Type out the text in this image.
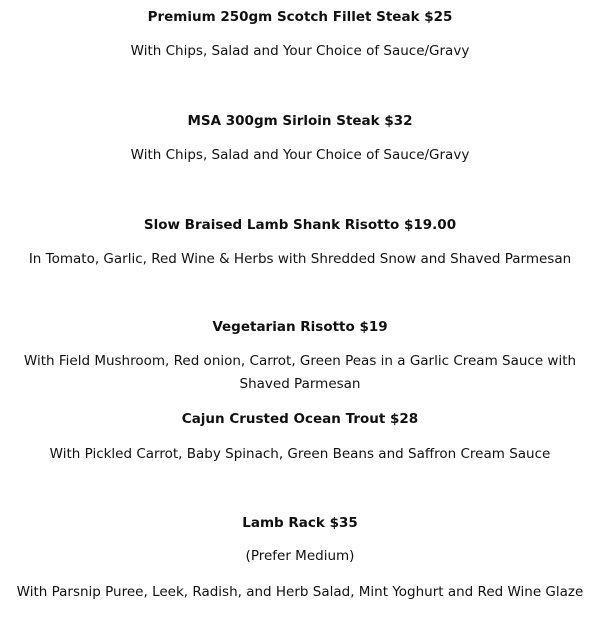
Premium 250gm Scotch Fillet Steak $25
With Chips, Salad and Your Choice of Sauce/Gravy
MSA 300gm Sirloin Steak $32
With Chips, Salad and Your Choice of Sauce/Gravy
Slow Braised Lamb Shank Risotto $19.00
In Tomato, Garlic, Red Wine & Herbs with Shredded Snow and Shaved Parmesan
Vegetarian Risotto $19
With Field Mushroom, Red onion, Carrot, Green Peas in a Garlic Cream Sauce with Shaved Parmesan
Cajun Crusted Ocean Trout $28
With Pickled Carrot, Baby Spinach, Green Beans and Saffron Cream Sauce
Lamb Rack $35
(Prefer Medium)
With Parsnip Puree, Leek, Radish, and Herb Salad, Mint Yoghurt and Red Wine Glaze
